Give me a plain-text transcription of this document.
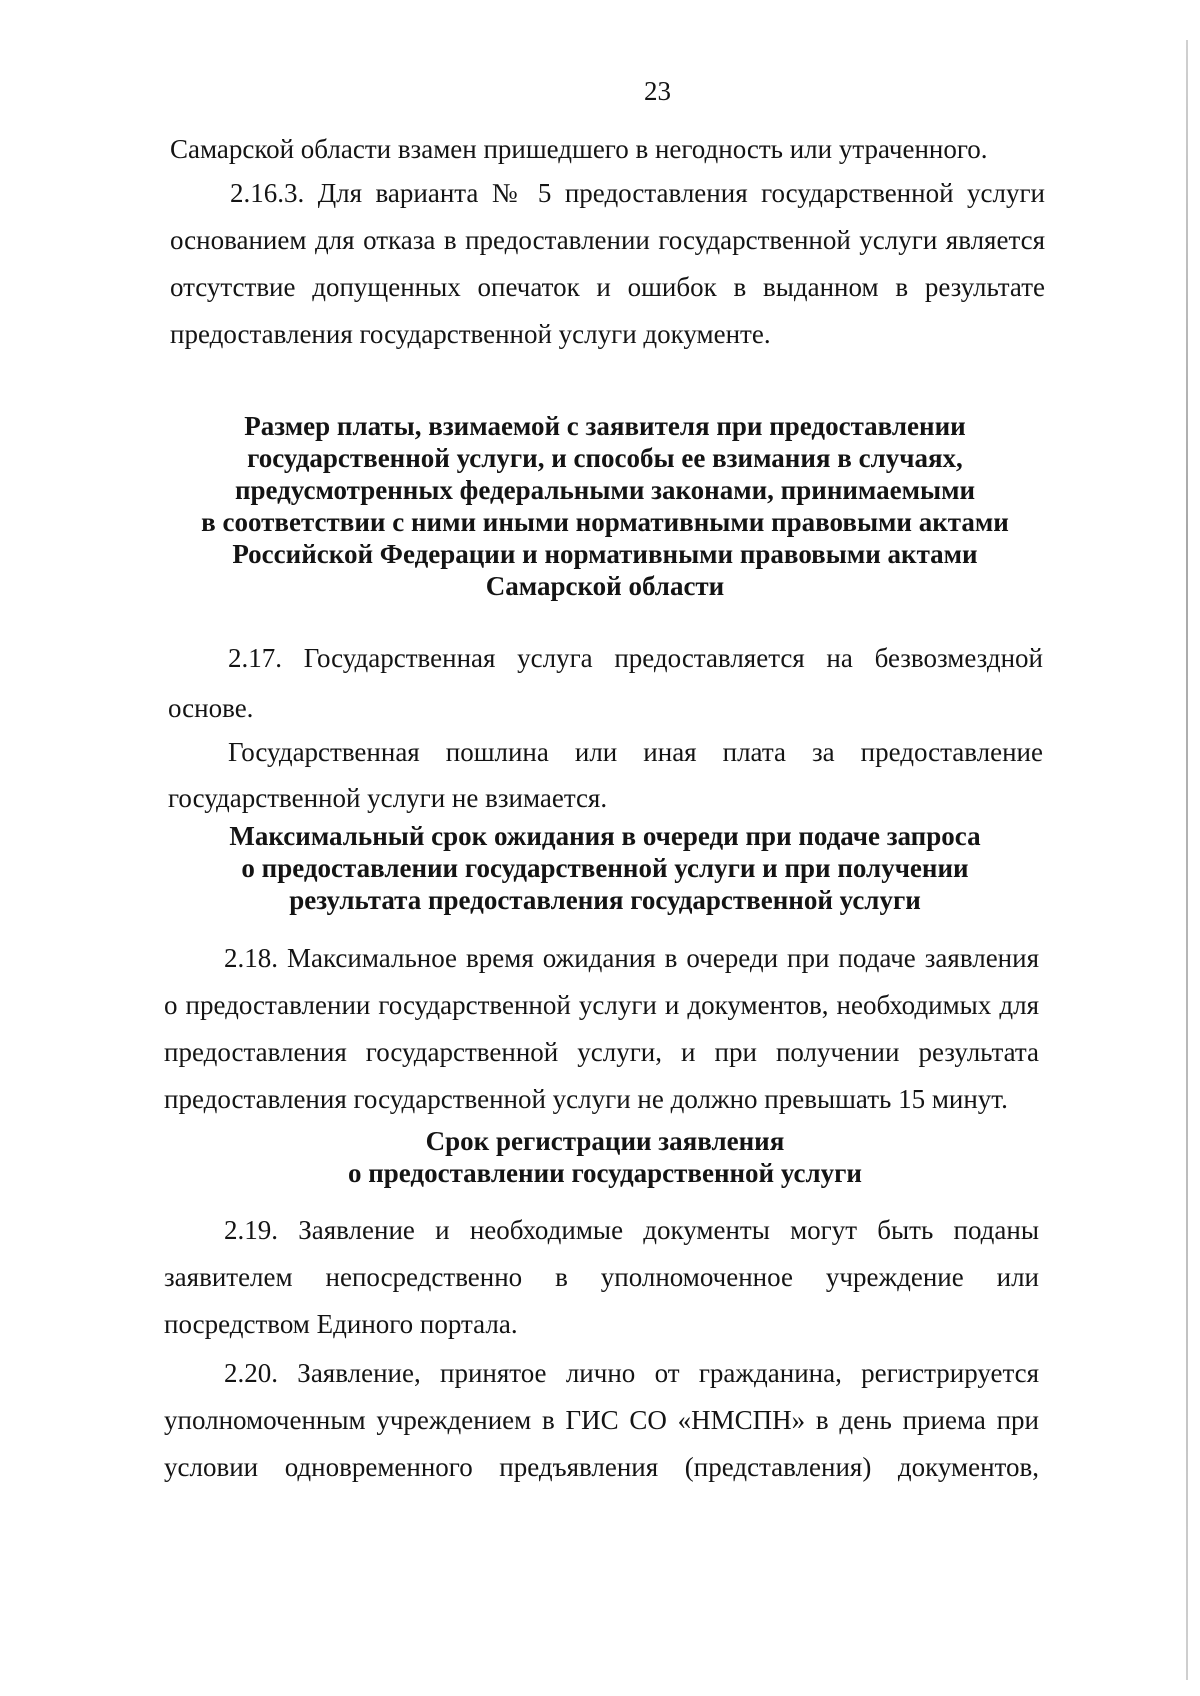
23

Самарской области взамен пришедшего в негодность или утраченного.

2.16.3. Для варианта № 5 предоставления государственной услуги основанием для отказа в предоставлении государственной услуги является отсутствие допущенных опечаток и ошибок в выданном в результате предоставления государственной услуги документе.

Размер платы, взимаемой с заявителя при предоставлении

государственной услуги, и способы ее взимания в случаях,

предусмотренных федеральными законами, принимаемыми

в соответствии с ними иными нормативными правовыми актами

Российской Федерации и нормативными правовыми актами

Самарской области

2.17. Государственная услуга предоставляется на безвозмездной основе.

Государственная пошлина или иная плата за предоставление государственной услуги не взимается.

Максимальный срок ожидания в очереди при подаче запроса

о предоставлении государственной услуги и при получении

результата предоставления государственной услуги

2.18. Максимальное время ожидания в очереди при подаче заявления о предоставлении государственной услуги и документов, необходимых для предоставления государственной услуги, и при получении результата предоставления государственной услуги не должно превышать 15 минут.

Срок регистрации заявления

о предоставлении государственной услуги

2.19. Заявление и необходимые документы могут быть поданы заявителем непосредственно в уполномоченное учреждение или посредством Единого портала.

2.20. Заявление, принятое лично от гражданина, регистрируется уполномоченным учреждением в ГИС СО «НМСПН» в день приема при условии одновременного предъявления (представления) документов,
